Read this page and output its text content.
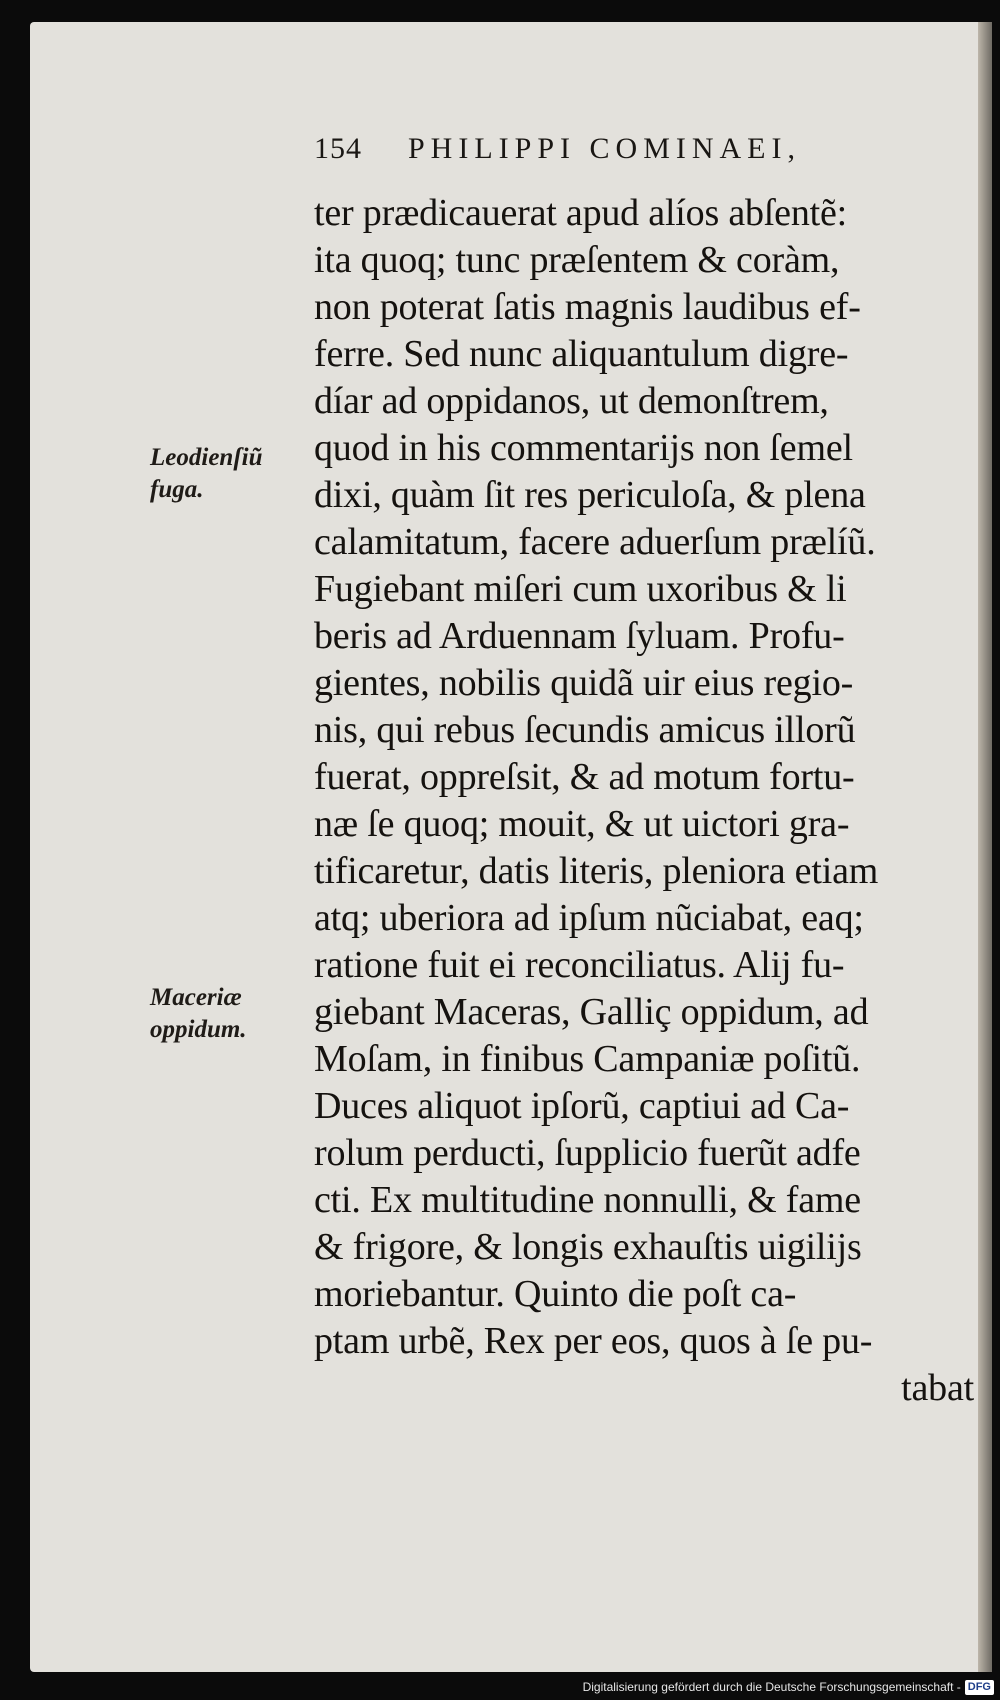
154 PHILIPPI COMINAEI,
Leodienſiũ
fuga.
Maceriæ
oppidum.
ter prædicauerat apud alíos abſentẽ:
ita quoq; tunc præſentem & coràm,
non poterat ſatis magnis laudibus ef-
ferre. Sed nunc aliquantulum digre-
díar ad oppidanos, ut demonſtrem,
quod in his commentarijs non ſemel
dixi, quàm ſit res periculoſa, & plena
calamitatum, facere aduerſum prælíũ.
Fugiebant miſeri cum uxoribus & li
beris ad Arduennam ſyluam. Profu-
gientes, nobilis quidã uir eius regio-
nis, qui rebus ſecundis amicus illorũ
fuerat, oppreſsit, & ad motum fortu-
næ ſe quoq; mouit, & ut uictori gra-
tificaretur, datis literis, pleniora etiam
atq; uberiora ad ipſum nũciabat, eaq;
ratione fuit ei reconciliatus. Alij fu-
giebant Maceras, Galliç oppidum, ad
Moſam, in finibus Campaniæ poſitũ.
Duces aliquot ipſorũ, captiui ad Ca-
rolum perducti, ſupplicio fuerũt adfe
cti. Ex multitudine nonnulli, & fame
& frigore, & longis exhauſtis uigilijs
moriebantur. Quinto die poſt ca-
ptam urbẽ, Rex per eos, quos à ſe pu-
tabat
Digitalisierung gefördert durch die Deutsche Forschungsgemeinschaft - DFG
